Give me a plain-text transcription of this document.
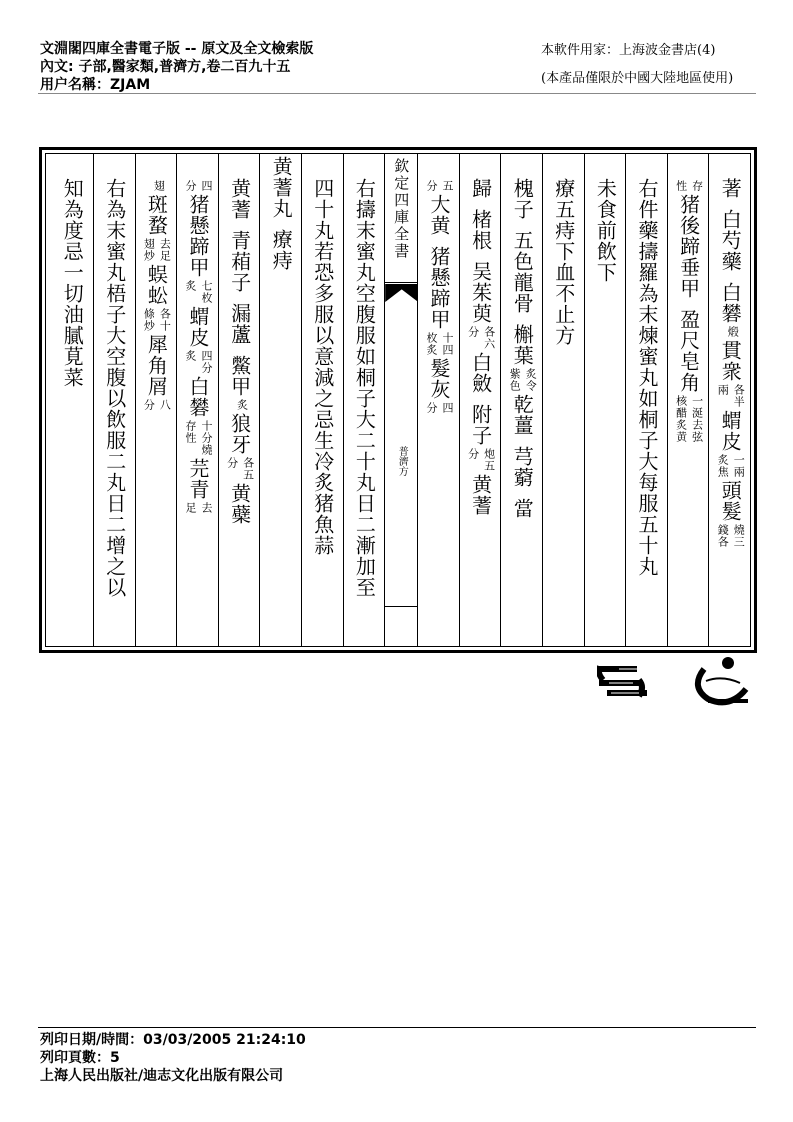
文淵閣四庫全書電子版 -- 原文及全文檢索版
內文: 子部,醫家類,普濟方,卷二百九十五
用户名稱：ZJAM
本軟件用家：上海波金書店(4)
(本產品僅限於中國大陸地區使用)
著
白芍藥
白礬
煅
貫衆
各半
兩
蝟皮
一兩
炙焦
頭髮
燒三
錢各
存
性
猪後蹄垂甲
盈尺皂角
一涎去弦
核醋炙黄
右件藥擣羅為末煉蜜丸如桐子大每服五十丸
未食前飲下
療五痔下血不止方
槐子
五色龍骨
槲葉
炙令
紫色
乾薑
芎藭
當
歸
楮根
吴茱萸
各六
分
白斂
附子
炮五
分
黄蓍
五
分
大黄
猪懸蹄甲
十四
枚炙
髮灰
四
分
欽定四庫全書
普濟方
右擣末蜜丸空腹服如桐子大二十丸日二漸加至
四十丸若恐多服以意減之忌生冷炙猪魚蒜
黄蓍丸
療痔
黄蓍
青葙子
漏蘆
鱉甲
炙
狼牙
各五
分
黄蘗
四
分
猪懸蹄甲
七枚
炙
蝟皮
四分
炙
白礬
十分燒
存性
芫青
去
足
翅
斑蝥
去足
翅炒
蜈蚣
各十
條炒
犀角屑
八
分
右為末蜜丸梧子大空腹以飲服二丸日二增之以
知為度忌一切油膩莧菜
列印日期/時間：03/03/2005 21:24:10
列印頁數：5
上海人民出版社/迪志文化出版有限公司
